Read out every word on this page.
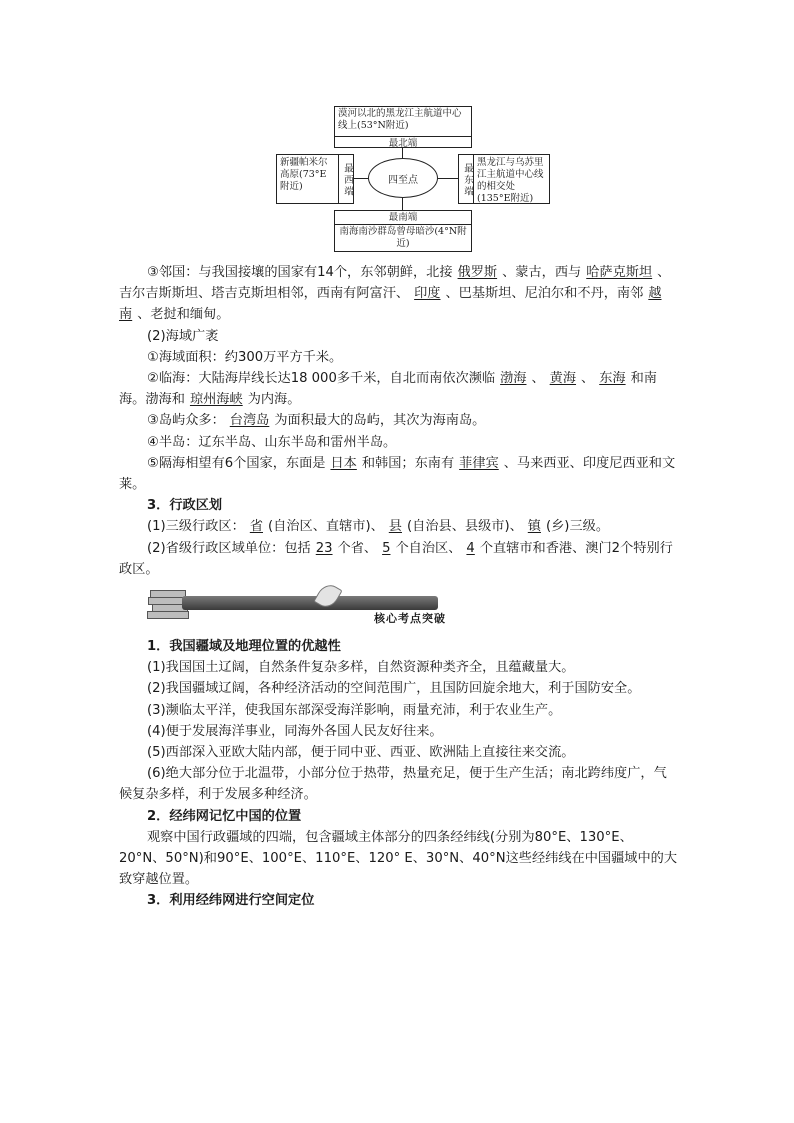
漠河以北的黑龙江主航道中心线上(53°N附近)
最北端
新疆帕米尔高原(73°E附近)	最西端	四至点	最东端
黑龙江与乌苏里江主航道中心线的相交处(135°E附近)
最南端
南海南沙群岛曾母暗沙(4°N附近)

③邻国：与我国接壤的国家有14个，东邻朝鲜，北接 俄罗斯 、蒙古，西与 哈萨克斯坦 、吉尔吉斯斯坦、塔吉克斯坦相邻，西南有阿富汗、 印度 、巴基斯坦、尼泊尔和不丹，南邻 越南 、老挝和缅甸。

(2)海域广袤

①海域面积：约300万平方千米。

②临海：大陆海岸线长达18 000多千米，自北而南依次濒临 渤海 、 黄海 、 东海 和南海。渤海和 琼州海峡 为内海。

③岛屿众多： 台湾岛 为面积最大的岛屿，其次为海南岛。

④半岛：辽东半岛、山东半岛和雷州半岛。

⑤隔海相望有6个国家，东面是 日本 和韩国；东南有 菲律宾 、马来西亚、印度尼西亚和文莱。

3．行政区划

(1)三级行政区： 省 (自治区、直辖市)、 县 (自治县、县级市)、 镇 (乡)三级。

(2)省级行政区域单位：包括 23 个省、 5 个自治区、 4 个直辖市和香港、澳门2个特别行政区。

核心考点突破

1．我国疆域及地理位置的优越性

(1)我国国土辽阔，自然条件复杂多样，自然资源种类齐全，且蕴藏量大。

(2)我国疆域辽阔，各种经济活动的空间范围广，且国防回旋余地大，利于国防安全。

(3)濒临太平洋，使我国东部深受海洋影响，雨量充沛，利于农业生产。

(4)便于发展海洋事业，同海外各国人民友好往来。

(5)西部深入亚欧大陆内部，便于同中亚、西亚、欧洲陆上直接往来交流。

(6)绝大部分位于北温带，小部分位于热带，热量充足，便于生产生活；南北跨纬度广，气候复杂多样，利于发展多种经济。

2．经纬网记忆中国的位置

观察中国行政疆域的四端，包含疆域主体部分的四条经纬线(分别为80°E、130°E、20°N、50°N)和90°E、100°E、110°E、120° E、30°N、40°N这些经纬线在中国疆域中的大致穿越位置。

3．利用经纬网进行空间定位
